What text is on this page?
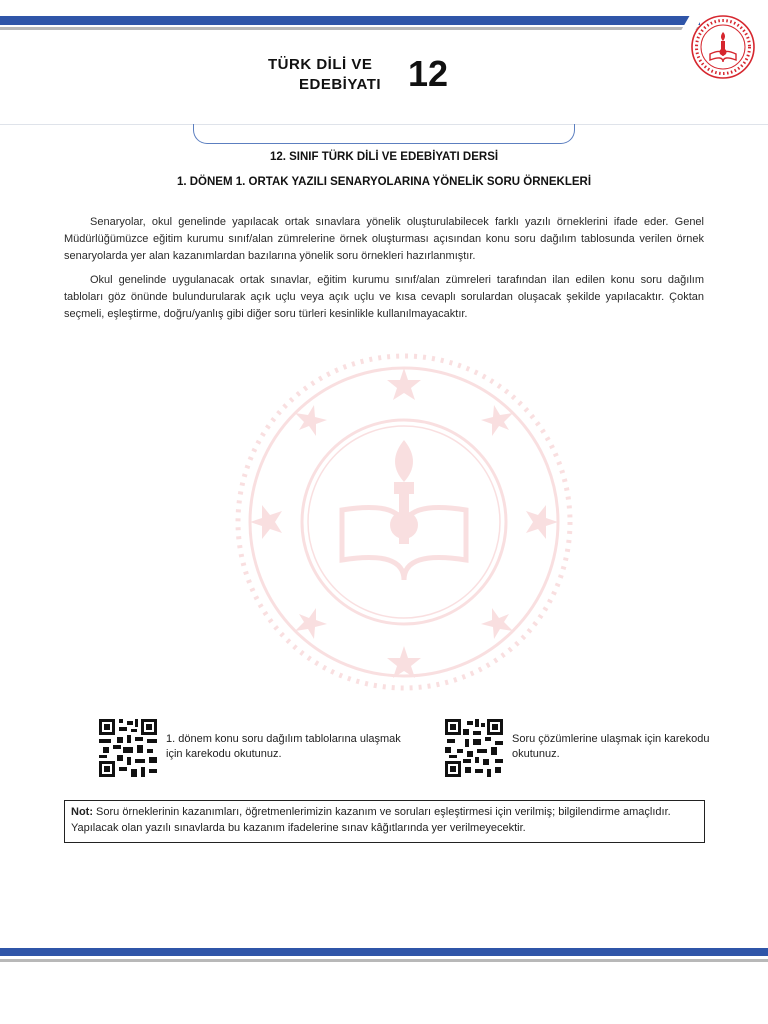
TÜRK DİLİ VE
EDEBİYATI 12
12. SINIF TÜRK DİLİ VE EDEBİYATI DERSİ
1. DÖNEM 1. ORTAK YAZILI SENARYOLARINA YÖNELİK SORU ÖRNEKLERİ

Senaryolar, okul genelinde yapılacak ortak sınavlara yönelik oluşturulabilecek farklı yazılı örneklerini ifade eder. Genel Müdürlüğümüzce eğitim kurumu sınıf/alan zümrelerine örnek oluşturması açısından konu soru dağılım tablosunda verilen örnek senaryolarda yer alan kazanımlardan bazılarına yönelik soru örnekleri hazırlanmıştır.

Okul genelinde uygulanacak ortak sınavlar, eğitim kurumu sınıf/alan zümreleri tarafından ilan edilen konu soru dağılım tabloları göz önünde bulundurularak açık uçlu veya açık uçlu ve kısa cevaplı sorulardan oluşacak şekilde yapılacaktır. Çoktan seçmeli, eşleştirme, doğru/yanlış gibi diğer soru türleri kesinlikle kullanılmayacaktır.

1. dönem konu soru dağılım tablolarına ulaşmak için karekodu okutunuz.
Soru çözümlerine ulaşmak için karekodu okutunuz.
Not: Soru örneklerinin kazanımları, öğretmenlerimizin kazanım ve soruları eşleştirmesi için verilmiş; bilgilendirme amaçlıdır. Yapılacak olan yazılı sınavlarda bu kazanım ifadelerine sınav kâğıtlarında yer verilmeyecektir.
